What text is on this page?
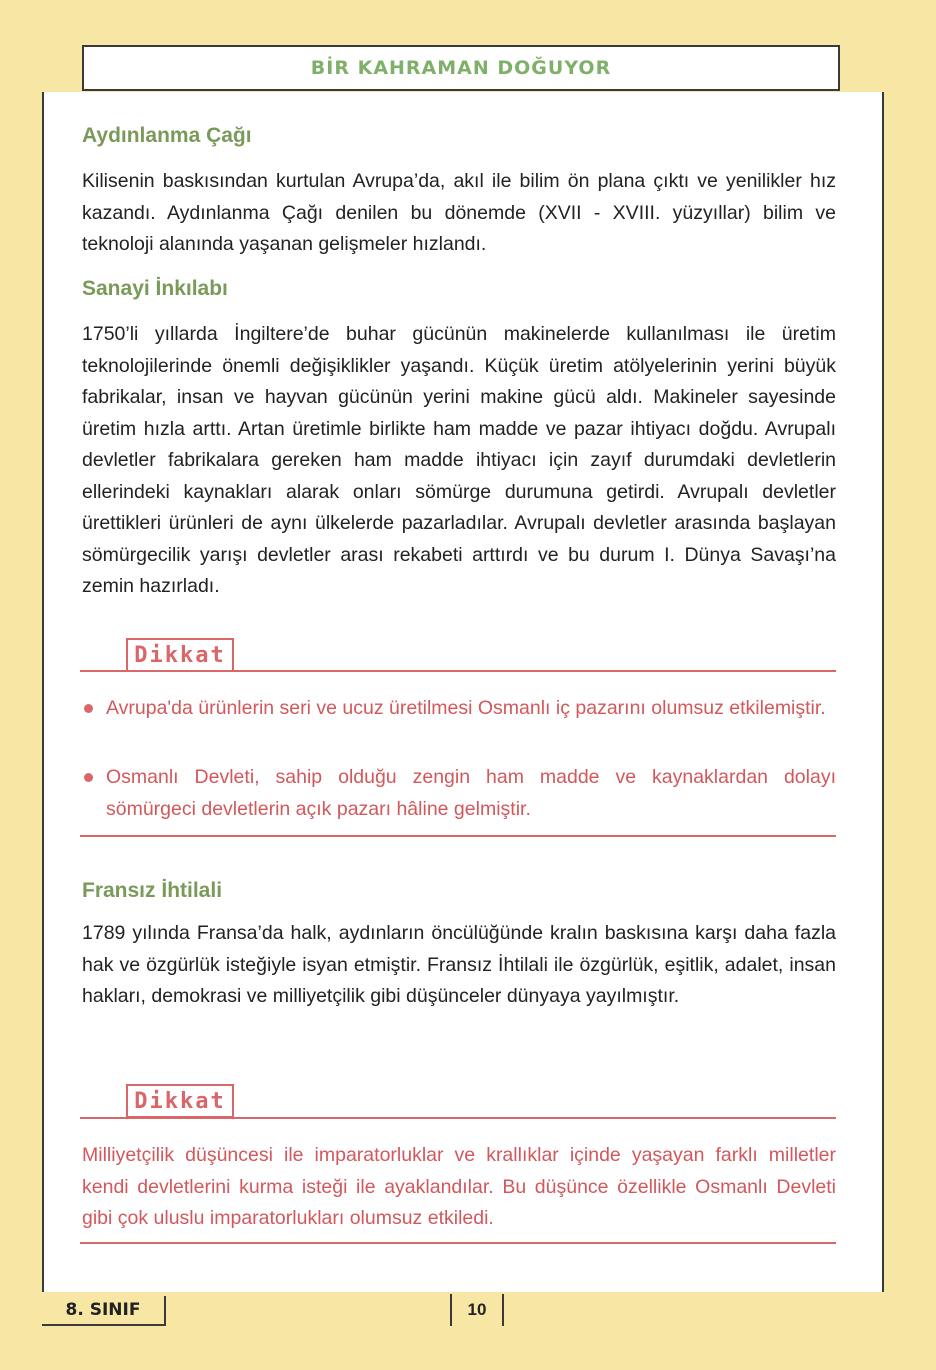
BİR KAHRAMAN DOĞUYOR
Aydınlanma Çağı

Kilisenin baskısından kurtulan Avrupa’da, akıl ile bilim ön plana çıktı ve yenilikler hız kazandı. Aydınlanma Çağı denilen bu dönemde (XVII - XVIII. yüzyıllar) bilim ve teknoloji alanında yaşanan gelişmeler hızlandı.

Sanayi İnkılabı

1750’li yıllarda İngiltere’de buhar gücünün makinelerde kullanılması ile üretim teknolojilerinde önemli değişiklikler yaşandı. Küçük üretim atölyelerinin yerini büyük fabrikalar, insan ve hayvan gücünün yerini makine gücü aldı. Makineler sayesinde üretim hızla arttı. Artan üretimle birlikte ham madde ve pazar ihtiyacı doğdu. Avrupalı devletler fabrikalara gereken ham madde ihtiyacı için zayıf durumdaki devletlerin ellerindeki kaynakları alarak onları sömürge durumuna getirdi. Avrupalı devletler ürettikleri ürünleri de aynı ülkelerde pazarladılar. Avrupalı devletler arasında başlayan sömürgecilik yarışı devletler arası rekabeti arttırdı ve bu durum I. Dünya Savaşı’na zemin hazırladı.

Dikkat

Avrupa'da ürünlerin seri ve ucuz üretilmesi Osmanlı iç pazarını olumsuz etkilemiştir.

Osmanlı Devleti, sahip olduğu zengin ham madde ve kaynaklardan dolayı sömürgeci devletlerin açık pazarı hâline gelmiştir.

Fransız İhtilali

1789 yılında Fransa’da halk, aydınların öncülüğünde kralın baskısına karşı daha fazla hak ve özgürlük isteğiyle isyan etmiştir. Fransız İhtilali ile özgürlük, eşitlik, adalet, insan hakları, demokrasi ve milliyetçilik gibi düşünceler dünyaya yayılmıştır.

Dikkat

Milliyetçilik düşüncesi ile imparatorluklar ve krallıklar içinde yaşayan farklı milletler kendi devletlerini kurma isteği ile ayaklandılar. Bu düşünce özellikle Osmanlı Devleti gibi çok uluslu imparatorlukları olumsuz etkiledi.

8. SINIF	10
